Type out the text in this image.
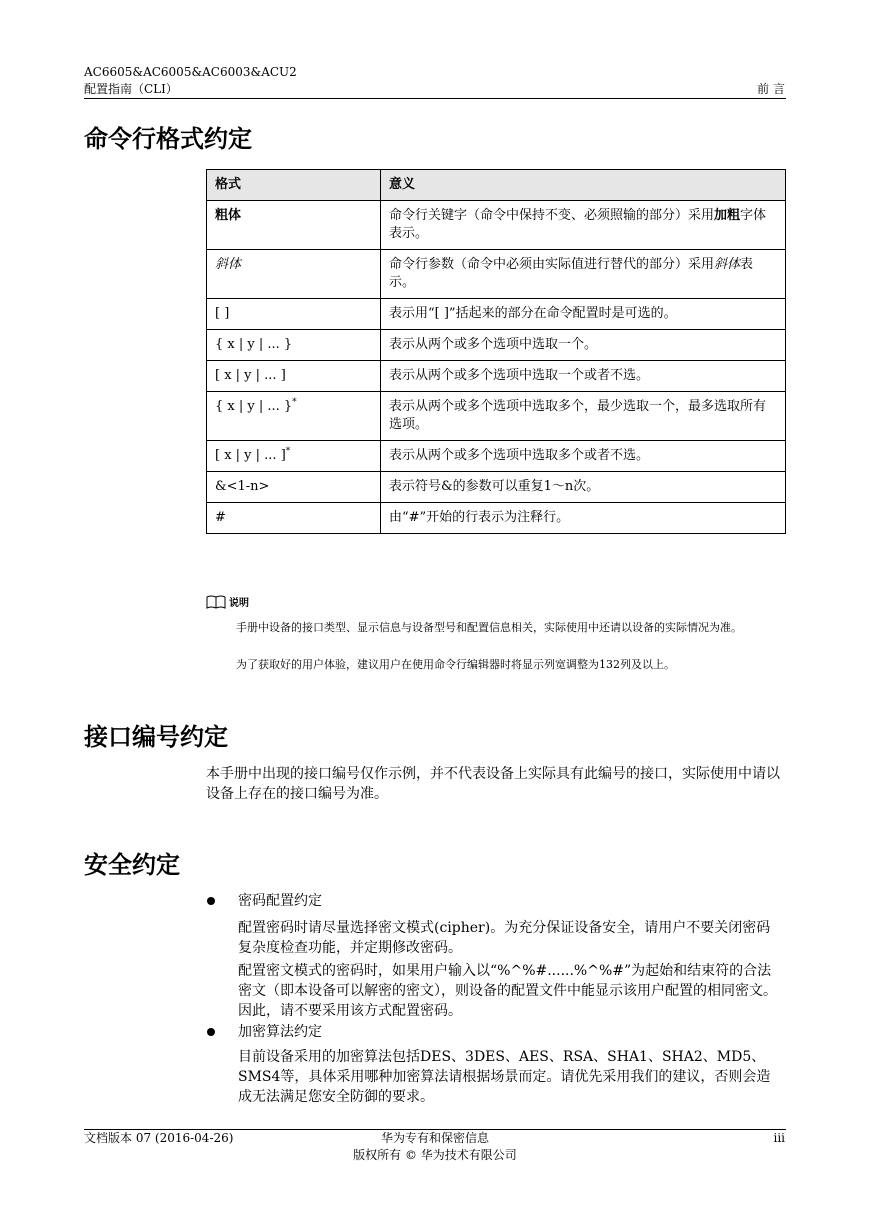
AC6605&AC6005&AC6003&ACU2
配置指南（CLI）	前 言
命令行格式约定
格式	意义
粗体	命令行关键字（命令中保持不变、必须照输的部分）采用加粗字体表示。
斜体	命令行参数（命令中必须由实际值进行替代的部分）采用斜体表示。
[ ]	表示用“[ ]”括起来的部分在命令配置时是可选的。
{ x | y | ... }	表示从两个或多个选项中选取一个。
[ x | y | ... ]	表示从两个或多个选项中选取一个或者不选。
{ x | y | ... }*	表示从两个或多个选项中选取多个，最少选取一个，最多选取所有选项。
[ x | y | ... ]*	表示从两个或多个选项中选取多个或者不选。
&<1-n>	表示符号&的参数可以重复1～n次。
#	由“#”开始的行表示为注释行。
说明
手册中设备的接口类型、显示信息与设备型号和配置信息相关，实际使用中还请以设备的实际情况为准。
为了获取好的用户体验，建议用户在使用命令行编辑器时将显示列宽调整为132列及以上。
接口编号约定
本手册中出现的接口编号仅作示例，并不代表设备上实际具有此编号的接口，实际使用中请以设备上存在的接口编号为准。
安全约定
密码配置约定
配置密码时请尽量选择密文模式(cipher)。为充分保证设备安全，请用户不要关闭密码复杂度检查功能，并定期修改密码。
配置密文模式的密码时，如果用户输入以“%^%#......%^%#”为起始和结束符的合法密文（即本设备可以解密的密文），则设备的配置文件中能显示该用户配置的相同密文。因此，请不要采用该方式配置密码。
加密算法约定
目前设备采用的加密算法包括DES、3DES、AES、RSA、SHA1、SHA2、MD5、SMS4等，具体采用哪种加密算法请根据场景而定。请优先采用我们的建议，否则会造成无法满足您安全防御的要求。
文档版本 07 (2016-04-26)	华为专有和保密信息
版权所有 © 华为技术有限公司
iii
